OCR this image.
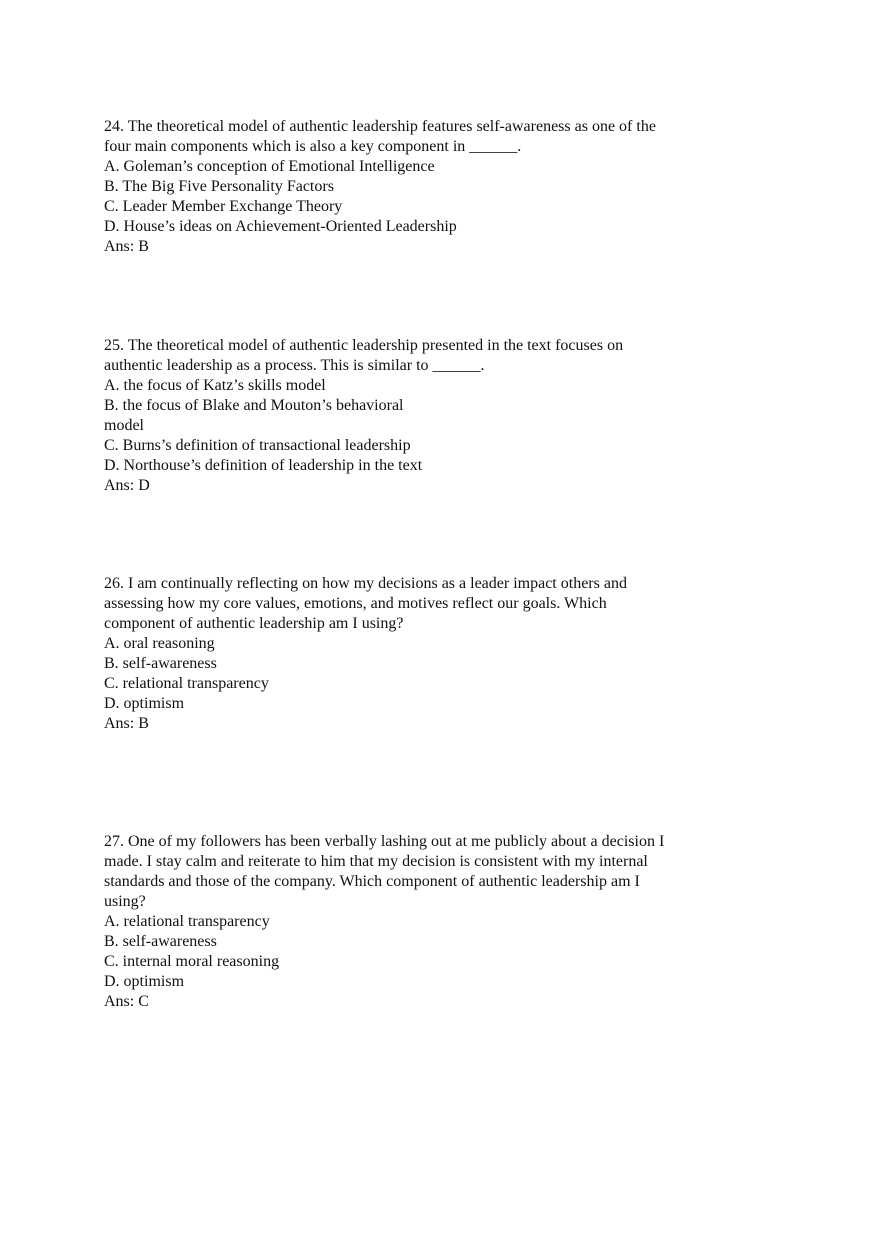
24. The theoretical model of authentic leadership features self-awareness as one of the
four main components which is also a key component in ______.
A. Goleman’s conception of Emotional Intelligence
B. The Big Five Personality Factors
C. Leader Member Exchange Theory
D. House’s ideas on Achievement-Oriented Leadership
Ans: B
25. The theoretical model of authentic leadership presented in the text focuses on
authentic leadership as a process. This is similar to ______.
A. the focus of Katz’s skills model
B. the focus of Blake and Mouton’s behavioral
model
C. Burns’s definition of transactional leadership
D. Northouse’s definition of leadership in the text
Ans: D
26. I am continually reflecting on how my decisions as a leader impact others and
assessing how my core values, emotions, and motives reflect our goals. Which
component of authentic leadership am I using?
A. oral reasoning
B. self-awareness
C. relational transparency
D. optimism
Ans: B
27. One of my followers has been verbally lashing out at me publicly about a decision I
made. I stay calm and reiterate to him that my decision is consistent with my internal
standards and those of the company. Which component of authentic leadership am I
using?
A. relational transparency
B. self-awareness
C. internal moral reasoning
D. optimism
Ans: C
